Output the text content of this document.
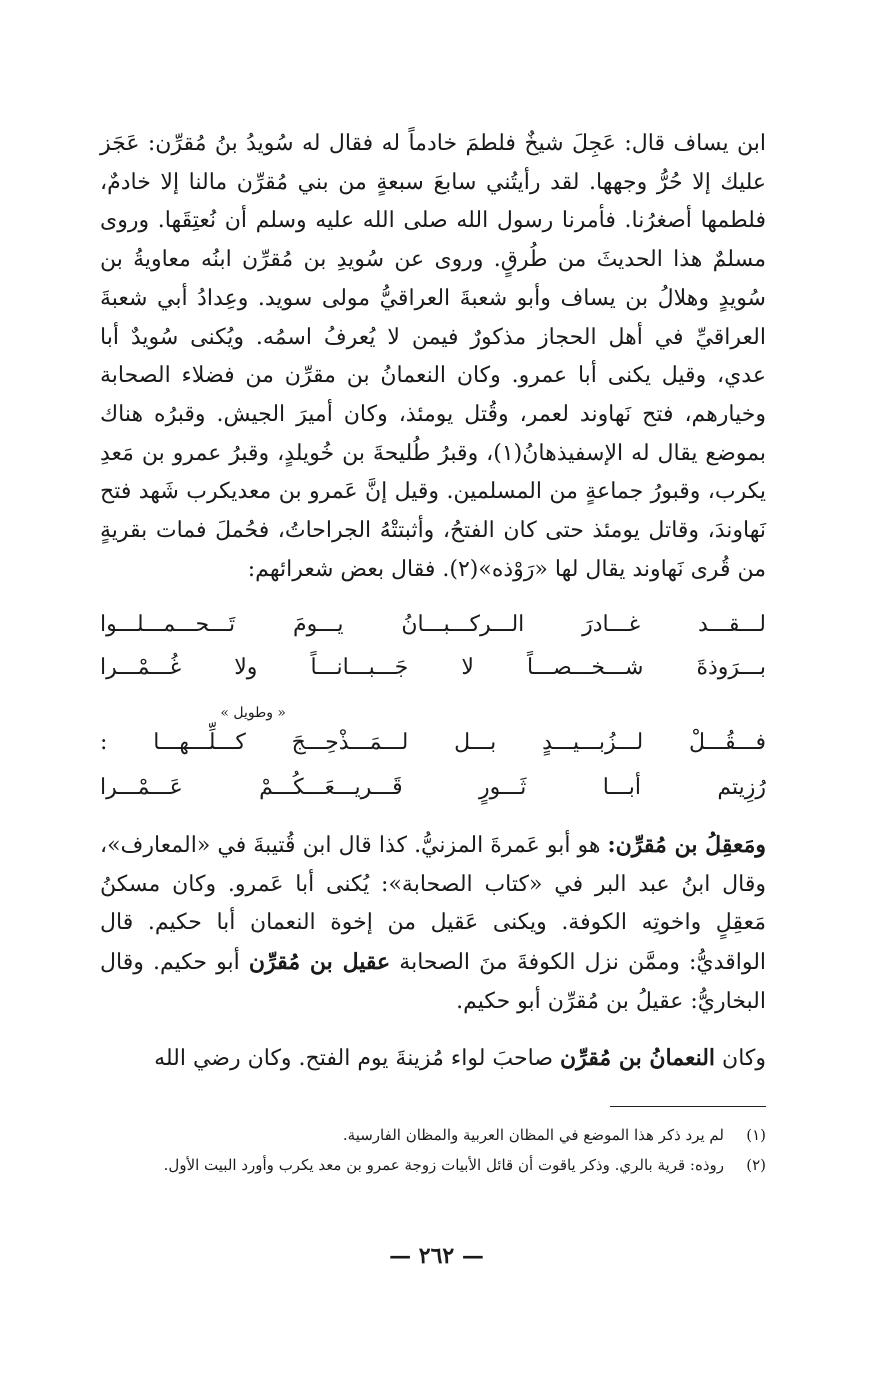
ابن يساف قال: عَجِلَ شيخٌ فلطمَ خادماً له فقال له سُويدُ بنُ مُقرِّن: عَجَز عليك إلا حُرُّ وجهها. لقد رأيتُني سابعَ سبعةٍ من بني مُقرِّن مالنا إلا خادمٌ، فلطمها أصغرُنا. فأمرنا رسول الله صلى الله عليه وسلم أن نُعتِقَها. وروى مسلمٌ هذا الحديثَ من طُرقٍ. وروى عن سُويدِ بن مُقرِّن ابنُه معاويةُ بن سُويدٍ وهلالُ بن يساف وأبو شعبةَ العراقيُّ مولى سويد. وعِدادُ أبي شعبةَ العراقيِّ في أهل الحجاز مذكورٌ فيمن لا يُعرفُ اسمُه. ويُكنى سُويدٌ أبا عدي، وقيل يكنى أبا عمرو. وكان النعمانُ بن مقرِّن من فضلاء الصحابة وخيارهم، فتح نَهاوند لعمر، وقُتل يومئذ، وكان أميرَ الجيش. وقبرُه هناك بموضع يقال له الإسفيذهانُ(١)، وقبرُ طُليحةَ بن خُويلدٍ، وقبرُ عمرو بن مَعدِ يكرب، وقبورُ جماعةٍ من المسلمين. وقيل إنَّ عَمرو بن معديكرب شَهد فتح نَهاوندَ، وقاتل يومئذ حتى كان الفتحُ، وأثبتتْهُ الجراحاتُ، فحُملَ فمات بقريةٍ من قُرى نَهاوند يقال لها «رَوْذه»(٢). فقال بعض شعرائهم:

لـــقـــد غـــادرَ الـــركـــبـــانُ يـــومَ تَـــحـــمـــلـــوا
بـــرَوذةَ شـــخـــصـــاً لا جَـــبـــانـــاً ولا غُـــمْـــرا
« وطويل »
فـــقُـــلْ لـــزُبـــيـــدٍ بـــل لـــمَـــذْحِـــجَ كـــلِّـــهـــا :
رُزِيتم أبـــا ثَـــورٍ قَـــريـــعَـــكُـــمْ عَـــمْـــرا

ومَعقِلُ بن مُقرِّن: هو أبو عَمرةَ المزنيُّ. كذا قال ابن قُتيبةَ في «المعارف»، وقال ابنُ عبد البر في «كتاب الصحابة»: يُكنى أبا عَمرو. وكان مسكنُ مَعقِلٍ واخوتِه الكوفة. ويكنى عَقيل من إخوة النعمان أبا حكيم. قال الواقديُّ: وممَّن نزل الكوفةَ منَ الصحابة عقيل بن مُقرِّن أبو حكيم. وقال البخاريُّ: عقيلُ بن مُقرِّن أبو حكيم.

وكان النعمانُ بن مُقرِّن صاحبَ لواء مُزينةَ يوم الفتح. وكان رضي الله

(١)
لم يرد ذكر هذا الموضع في المظان العربية والمظان الفارسية.
(٢)
روذه: قرية بالري. وذكر ياقوت أن قائل الأبيات زوجة عمرو بن معد يكرب وأورد البيت الأول.
— ٢٦٢ —
